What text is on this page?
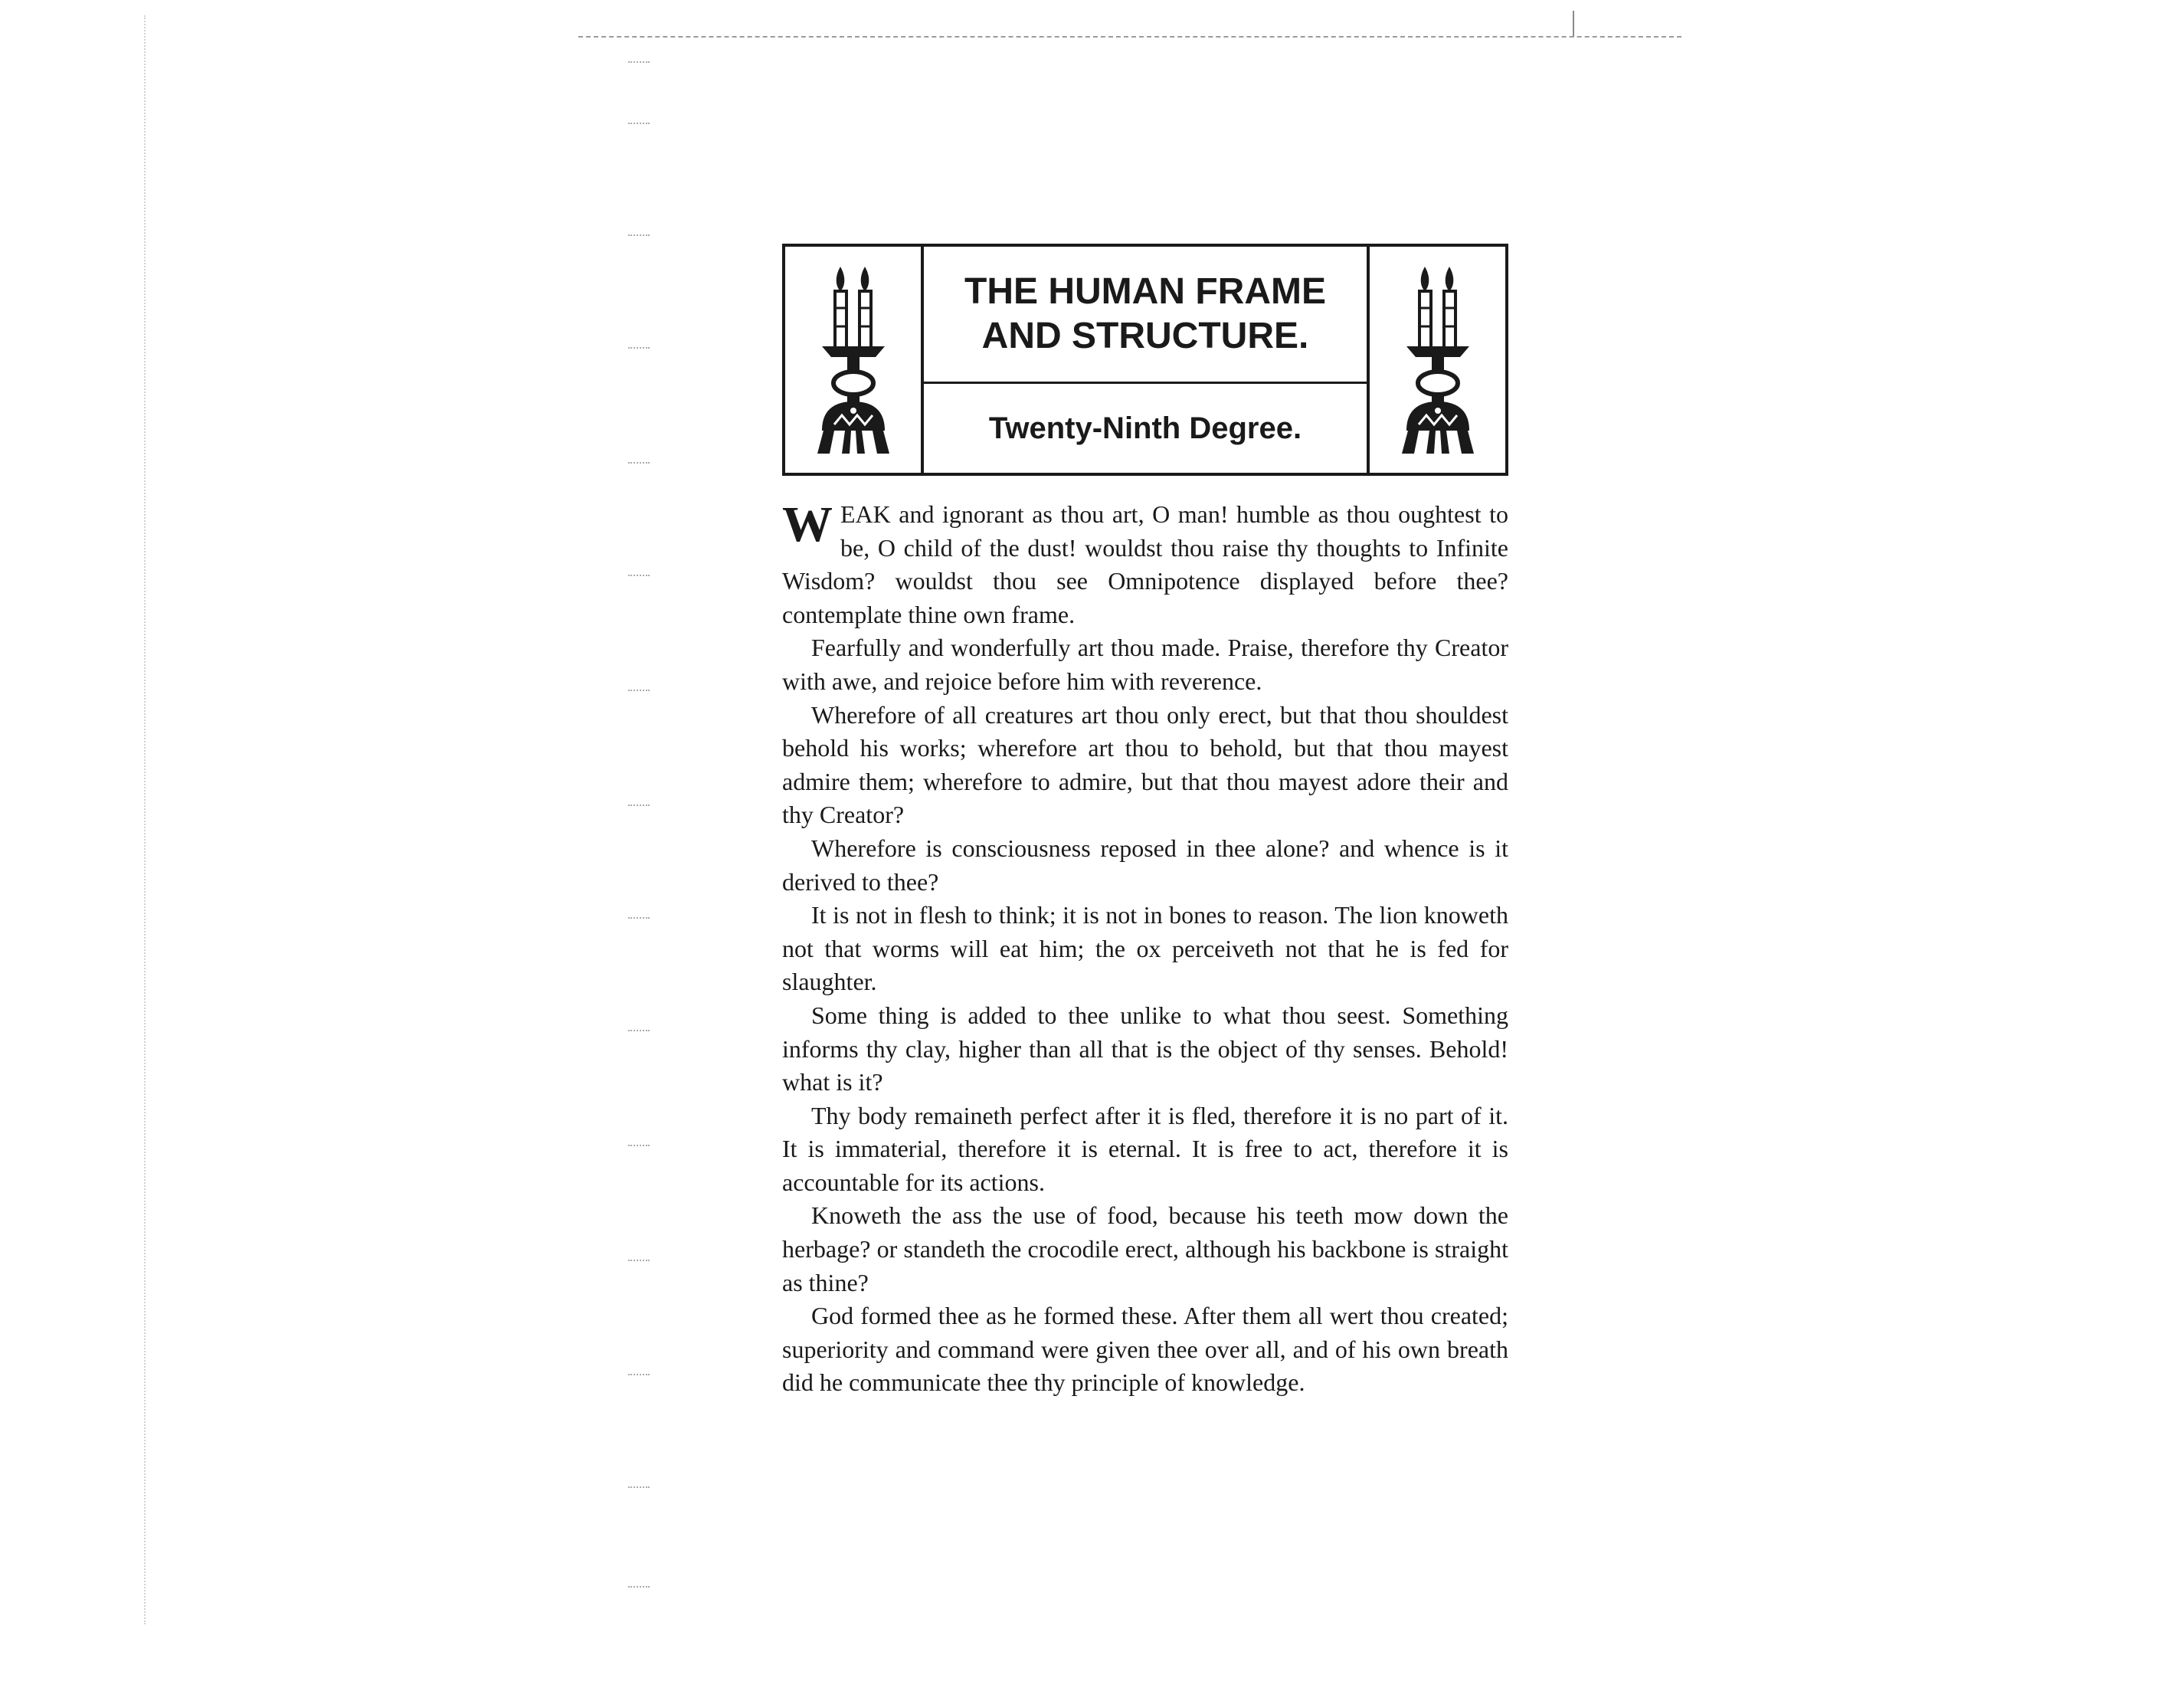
THE HUMAN FRAME AND STRUCTURE.
Twenty-Ninth Degree.

WEAK and ignorant as thou art, O man! humble as thou oughtest to be, O child of the dust! wouldst thou raise thy thoughts to Infinite Wisdom? wouldst thou see Omnipotence displayed before thee? contemplate thine own frame.

Fearfully and wonderfully art thou made. Praise, therefore thy Creator with awe, and rejoice before him with reverence.

Wherefore of all creatures art thou only erect, but that thou shouldest behold his works; wherefore art thou to behold, but that thou mayest admire them; wherefore to admire, but that thou mayest adore their and thy Creator?

Wherefore is consciousness reposed in thee alone? and whence is it derived to thee?

It is not in flesh to think; it is not in bones to reason. The lion knoweth not that worms will eat him; the ox perceiveth not that he is fed for slaughter.

Some thing is added to thee unlike to what thou seest. Something informs thy clay, higher than all that is the object of thy senses. Behold! what is it?

Thy body remaineth perfect after it is fled, therefore it is no part of it. It is immaterial, therefore it is eternal. It is free to act, therefore it is accountable for its actions.

Knoweth the ass the use of food, because his teeth mow down the herbage? or standeth the crocodile erect, although his backbone is straight as thine?

God formed thee as he formed these. After them all wert thou created; superiority and command were given thee over all, and of his own breath did he communicate thee thy principle of knowledge.
